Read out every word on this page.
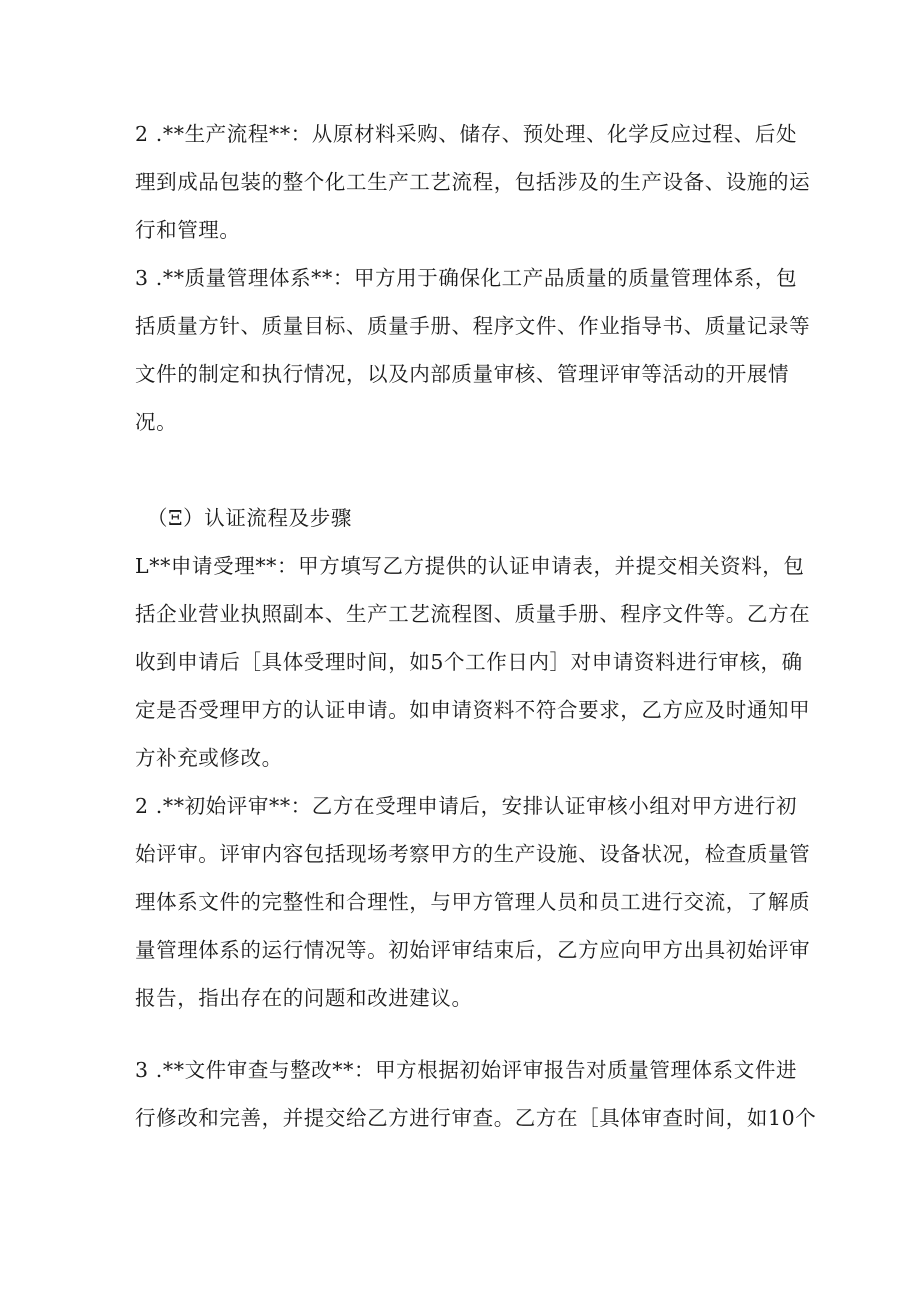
2 .**生产流程**：从原材料采购、储存、预处理、化学反应过程、后处

理到成品包装的整个化工生产工艺流程，包括涉及的生产设备、设施的运

行和管理。

3 .**质量管理体系**：甲方用于确保化工产品质量的质量管理体系，包

括质量方针、质量目标、质量手册、程序文件、作业指导书、质量记录等

文件的制定和执行情况，以及内部质量审核、管理评审等活动的开展情

况。

（Ξ）认证流程及步骤

L**申请受理**：甲方填写乙方提供的认证申请表，并提交相关资料，包

括企业营业执照副本、生产工艺流程图、质量手册、程序文件等。乙方在

收到申请后［具体受理时间，如5个工作日内］对申请资料进行审核，确

定是否受理甲方的认证申请。如申请资料不符合要求，乙方应及时通知甲

方补充或修改。

2 .**初始评审**：乙方在受理申请后，安排认证审核小组对甲方进行初

始评审。评审内容包括现场考察甲方的生产设施、设备状况，检查质量管

理体系文件的完整性和合理性，与甲方管理人员和员工进行交流，了解质

量管理体系的运行情况等。初始评审结束后，乙方应向甲方出具初始评审

报告，指出存在的问题和改进建议。

3 .**文件审查与整改**：甲方根据初始评审报告对质量管理体系文件进

行修改和完善，并提交给乙方进行审查。乙方在［具体审查时间，如10个
